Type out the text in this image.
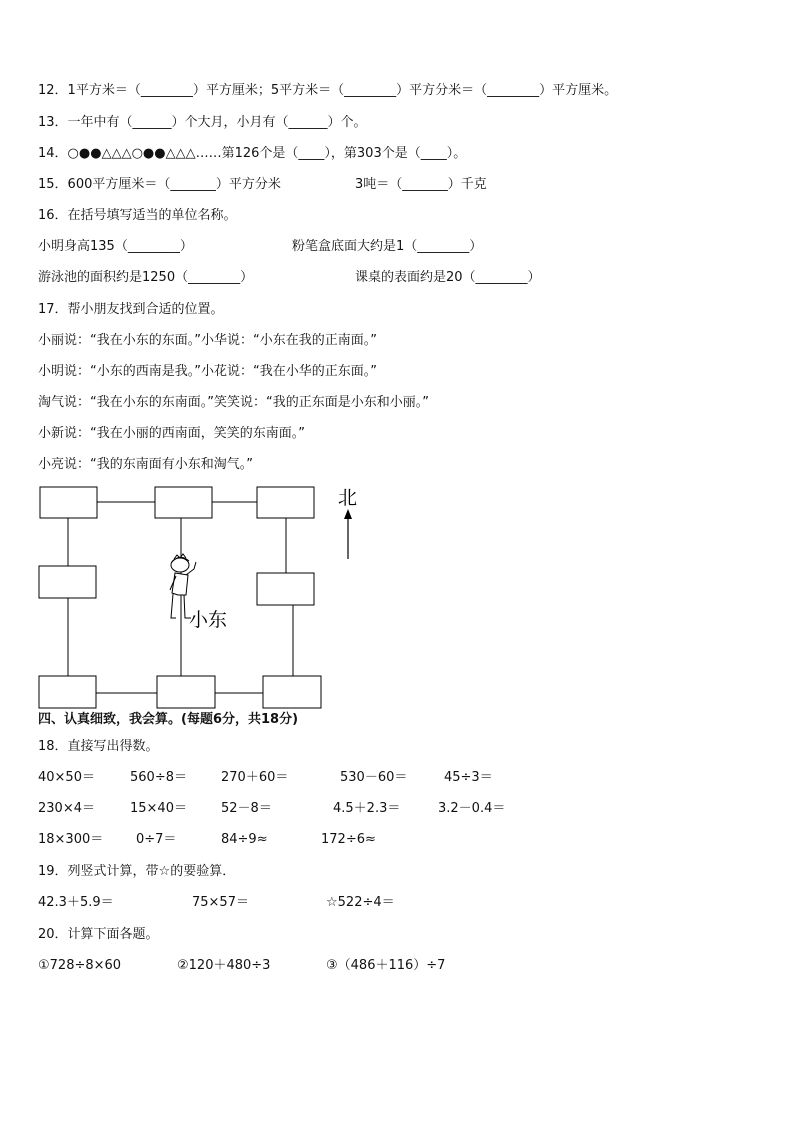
12．1平方米＝（________）平方厘米；5平方米＝（________）平方分米＝（________）平方厘米。
13．一年中有（______）个大月，小月有（______）个。
14．○●●△△△○●●△△△……第126个是（____），第303个是（____）。
15．600平方厘米＝（_______）平方分米	3吨＝（_______）千克
16．在括号填写适当的单位名称。
小明身高135（________）	粉笔盒底面大约是1（________）
游泳池的面积约是1250（________）	课桌的表面约是20（________）
17．帮小朋友找到合适的位置。
小丽说：“我在小东的东面。”小华说：“小东在我的正南面。”
小明说：“小东的西南是我。”小花说：“我在小华的正东面。”
淘气说：“我在小东的东南面。”笑笑说：“我的正东面是小东和小丽。”
小新说：“我在小丽的西南面，笑笑的东南面。”
小亮说：“我的东南面有小东和淘气。”
小东
北
四、认真细致，我会算。(每题6分，共18分)
18．直接写出得数。
40×50＝	560÷8＝	270＋60＝	530－60＝	45÷3＝
230×4＝	15×40＝	52－8＝	4.5＋2.3＝	3.2－0.4＝
18×300＝	0÷7＝	84÷9≈	172÷6≈
19．列竖式计算，带☆的要验算．
42.3＋5.9＝	75×57＝	☆522÷4＝
20．计算下面各题。
①728÷8×60	②120＋480÷3	③（486＋116）÷7
